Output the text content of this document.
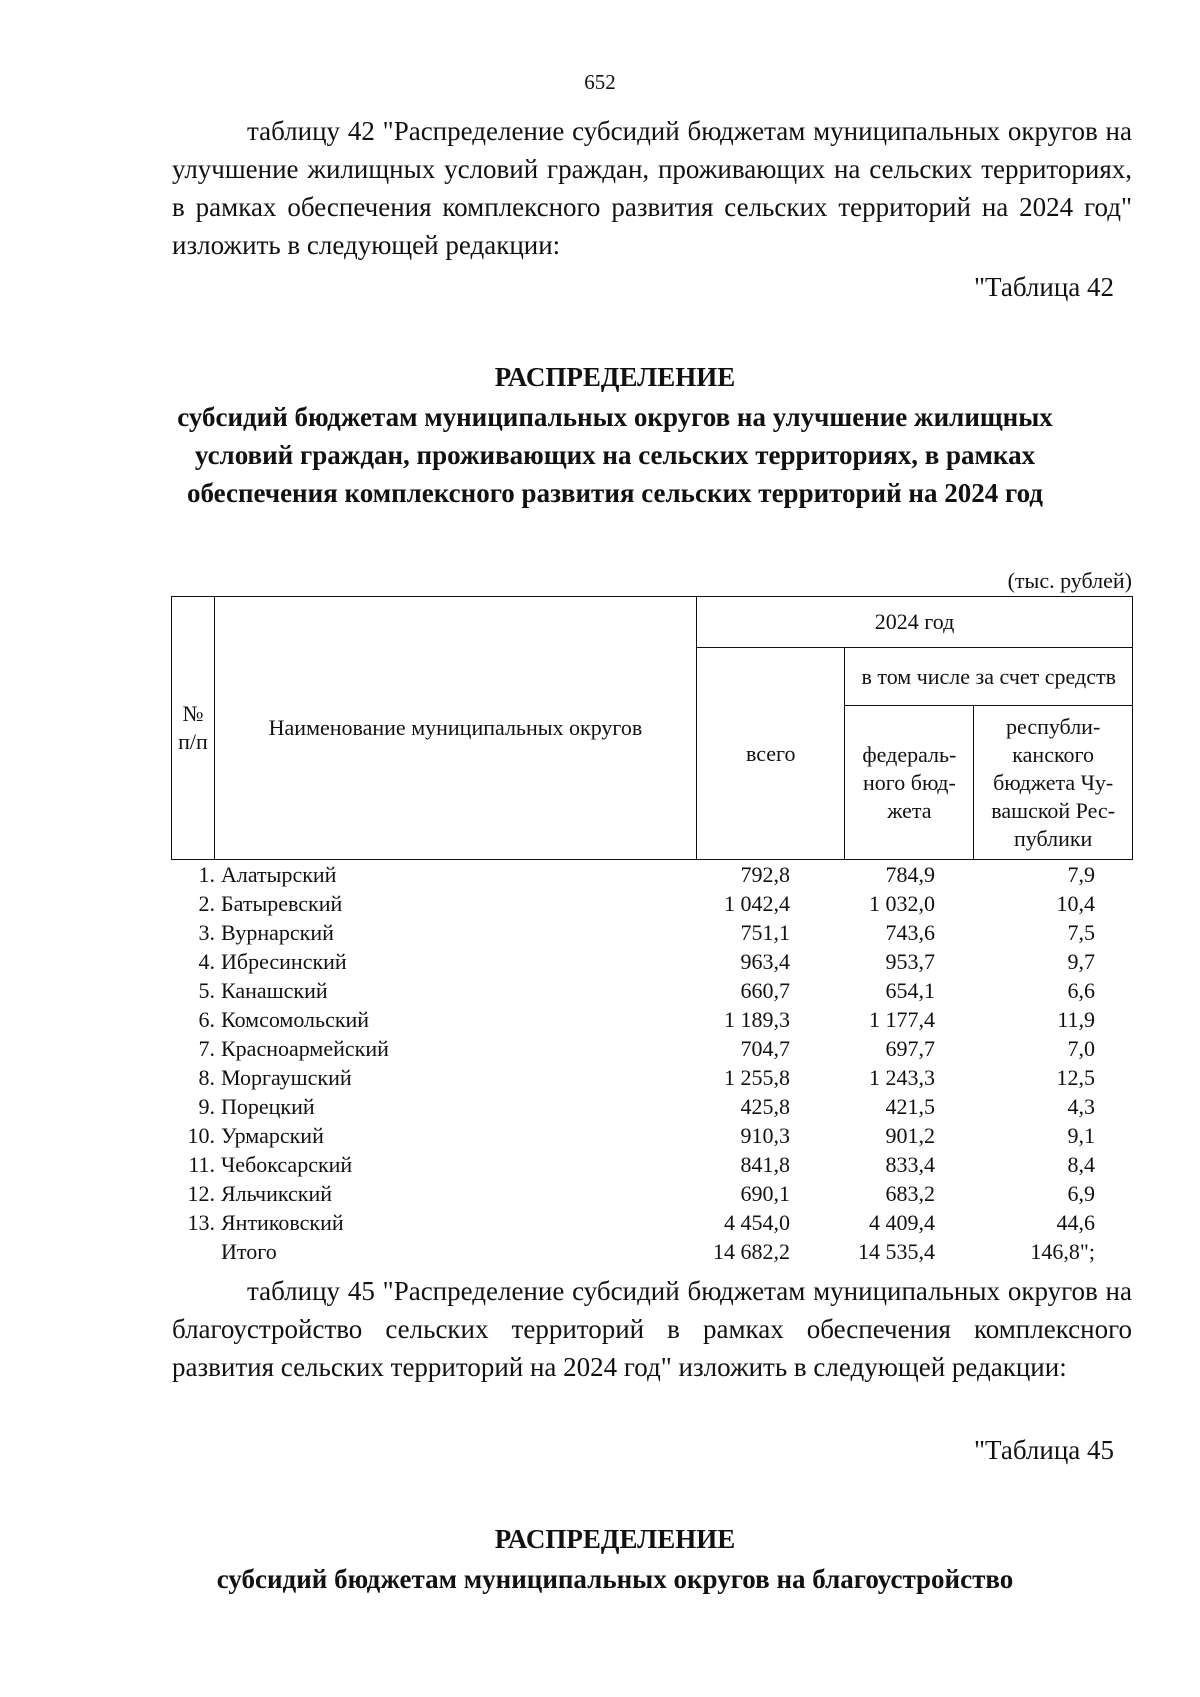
652

таблицу 42 "Распределение субсидий бюджетам муниципальных округов на улучшение жилищных условий граждан, проживающих на сельских территориях, в рамках обеспечения комплексного развития сельских территорий на 2024 год" изложить в следующей редакции:

"Таблица 42
РАСПРЕДЕЛЕНИЕ
субсидий бюджетам муниципальных округов на улучшение жилищных условий граждан, проживающих на сельских территориях, в рамках обеспечения комплексного развития сельских территорий на 2024 год
(тыс. рублей)
№ п/п	Наименование муниципальных округов	2024 год		
		всего	в том числе за счет средств	
			федераль-ного бюд-жета	республи-канского бюджета Чу-вашской Рес-публики
1.	Алатырский	792,8	784,9	7,9
2.	Батыревский	1 042,4	1 032,0	10,4
3.	Вурнарский	751,1	743,6	7,5
4.	Ибресинский	963,4	953,7	9,7
5.	Канашский	660,7	654,1	6,6
6.	Комсомольский	1 189,3	1 177,4	11,9
7.	Красноармейский	704,7	697,7	7,0
8.	Моргаушский	1 255,8	1 243,3	12,5
9.	Порецкий	425,8	421,5	4,3
10.	Урмарский	910,3	901,2	9,1
11.	Чебоксарский	841,8	833,4	8,4
12.	Яльчикский	690,1	683,2	6,9
13.	Янтиковский	4 454,0	4 409,4	44,6
	Итого	14 682,2	14 535,4	146,8";

таблицу 45 "Распределение субсидий бюджетам муниципальных округов на благоустройство сельских территорий в рамках обеспечения комплексного развития сельских территорий на 2024 год" изложить в следующей редакции:

"Таблица 45
РАСПРЕДЕЛЕНИЕ
субсидий бюджетам муниципальных округов на благоустройство
